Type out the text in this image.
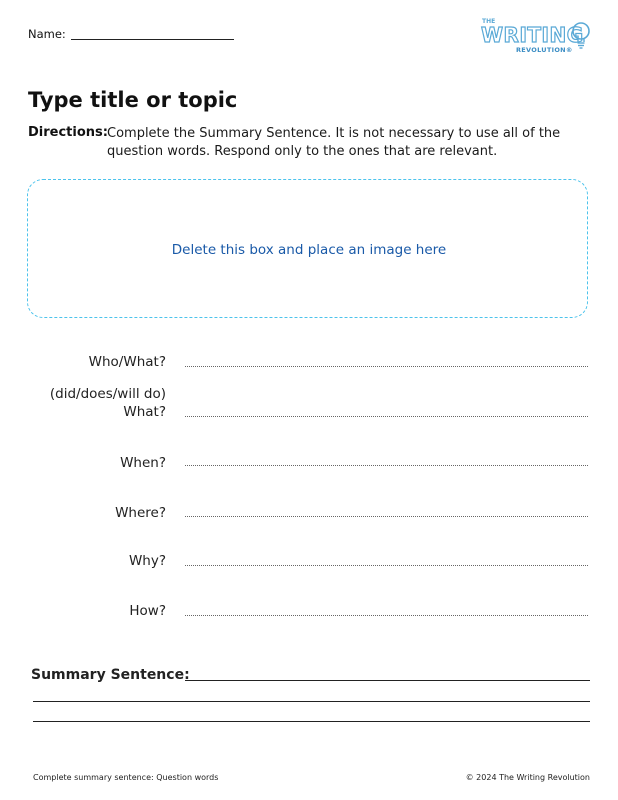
Name:
THE
WRITING
REVOLUTION®
Type title or topic
Directions: Complete the Summary Sentence. It is not necessary to use all of the question words. Respond only to the ones that are relevant.
Delete this box and place an image here
Who/What?
(did/does/will do)
What?
When?
Where?
Why?
How?
Summary Sentence:
Complete summary sentence: Question words	© 2024 The Writing Revolution
